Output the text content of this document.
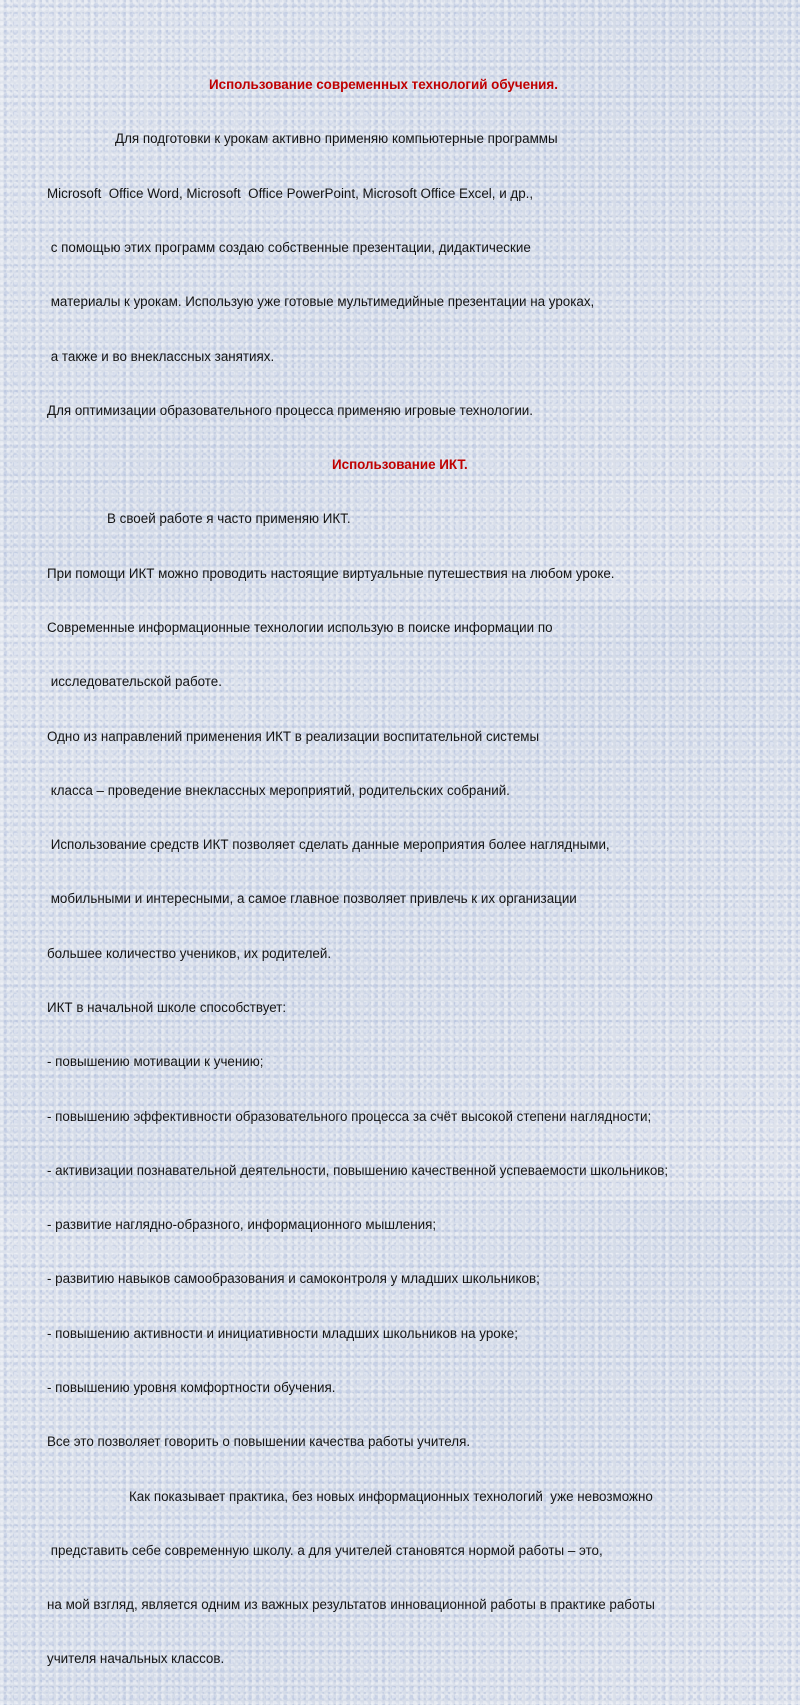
Использование современных технологий обучения.

Для подготовки к урокам активно применяю компьютерные программы

Microsoft  Office Word, Microsoft  Office PowerPoint, Microsoft Office Excel, и др.,

с помощью этих программ создаю собственные презентации, дидактические

материалы к урокам. Использую уже готовые мультимедийные презентации на уроках,

а также и во внеклассных занятиях.

Для оптимизации образовательного процесса применяю игровые технологии.

Использование ИКТ.

В своей работе я часто применяю ИКТ.

При помощи ИКТ можно проводить настоящие виртуальные путешествия на любом уроке.

Современные информационные технологии использую в поиске информации по

исследовательской работе.

Одно из направлений применения ИКТ в реализации воспитательной системы

класса – проведение внеклассных мероприятий, родительских собраний.

Использование средств ИКТ позволяет сделать данные мероприятия более наглядными,

мобильными и интересными, а самое главное позволяет привлечь к их организации

большее количество учеников, их родителей.

ИКТ в начальной школе способствует:

- повышению мотивации к учению;

- повышению эффективности образовательного процесса за счёт высокой степени наглядности;

- активизации познавательной деятельности, повышению качественной успеваемости школьников;

- развитие наглядно-образного, информационного мышления;

- развитию навыков самообразования и самоконтроля у младших школьников;

- повышению активности и инициативности младших школьников на уроке;

- повышению уровня комфортности обучения.

Все это позволяет говорить о повышении качества работы учителя.

Как показывает практика, без новых информационных технологий  уже невозможно

представить себе современную школу. а для учителей становятся нормой работы – это,

на мой взгляд, является одним из важных результатов инновационной работы в практике работы

учителя начальных классов.
